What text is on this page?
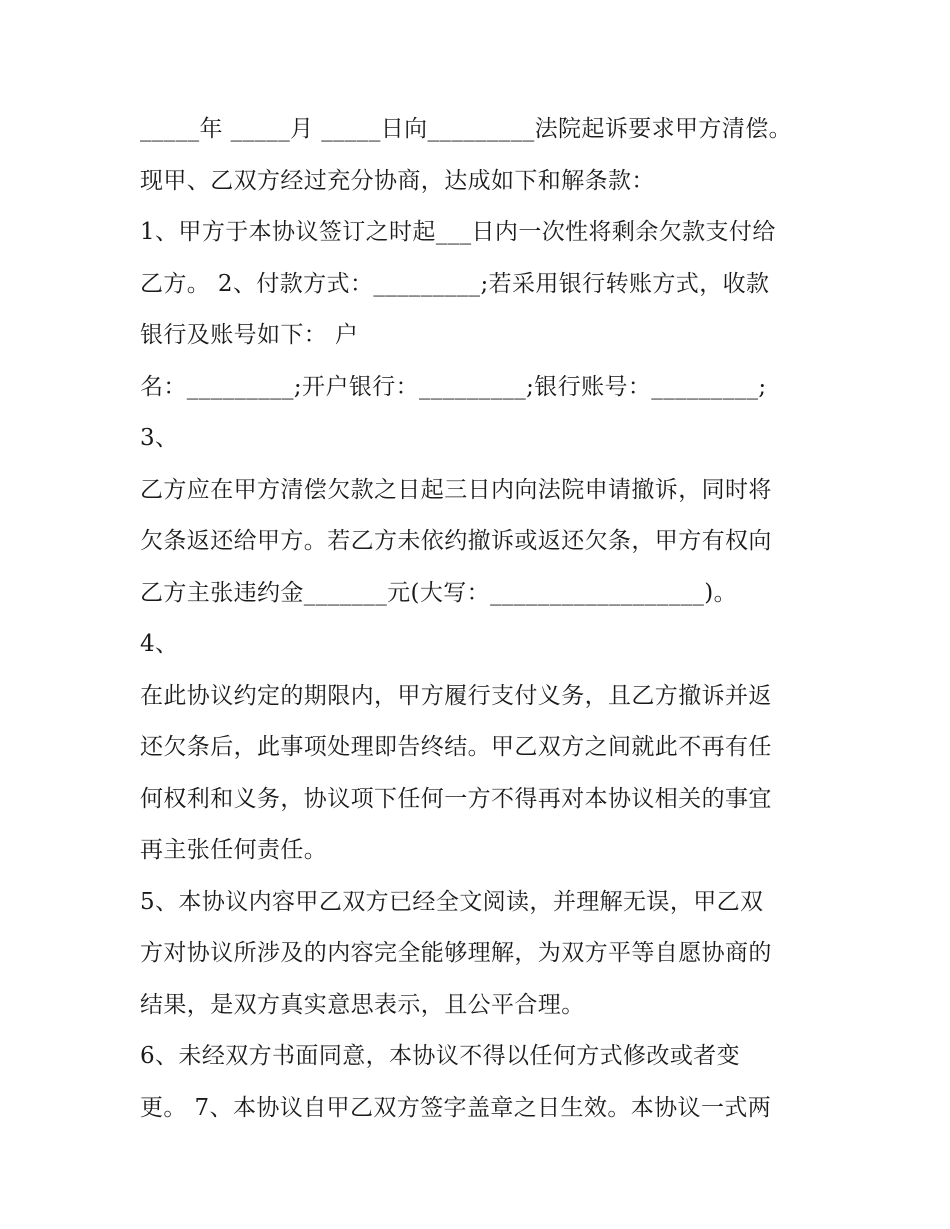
_____年 _____月 _____日向_________法院起诉要求甲方清偿。
现甲、乙双方经过充分协商，达成如下和解条款：
1、甲方于本协议签订之时起___日内一次性将剩余欠款支付给
乙方。 2、付款方式：_________;若采用银行转账方式，收款
银行及账号如下： 户
名：_________;开户银行：_________;银行账号：_________;
3、
乙方应在甲方清偿欠款之日起三日内向法院申请撤诉，同时将
欠条返还给甲方。若乙方未依约撤诉或返还欠条，甲方有权向
乙方主张违约金_______元(大写：__________________)。
4、
在此协议约定的期限内，甲方履行支付义务，且乙方撤诉并返
还欠条后，此事项处理即告终结。甲乙双方之间就此不再有任
何权利和义务，协议项下任何一方不得再对本协议相关的事宜
再主张任何责任。
5、本协议内容甲乙双方已经全文阅读，并理解无误，甲乙双
方对协议所涉及的内容完全能够理解，为双方平等自愿协商的
结果，是双方真实意思表示，且公平合理。
6、未经双方书面同意，本协议不得以任何方式修改或者变
更。 7、本协议自甲乙双方签字盖章之日生效。本协议一式两
